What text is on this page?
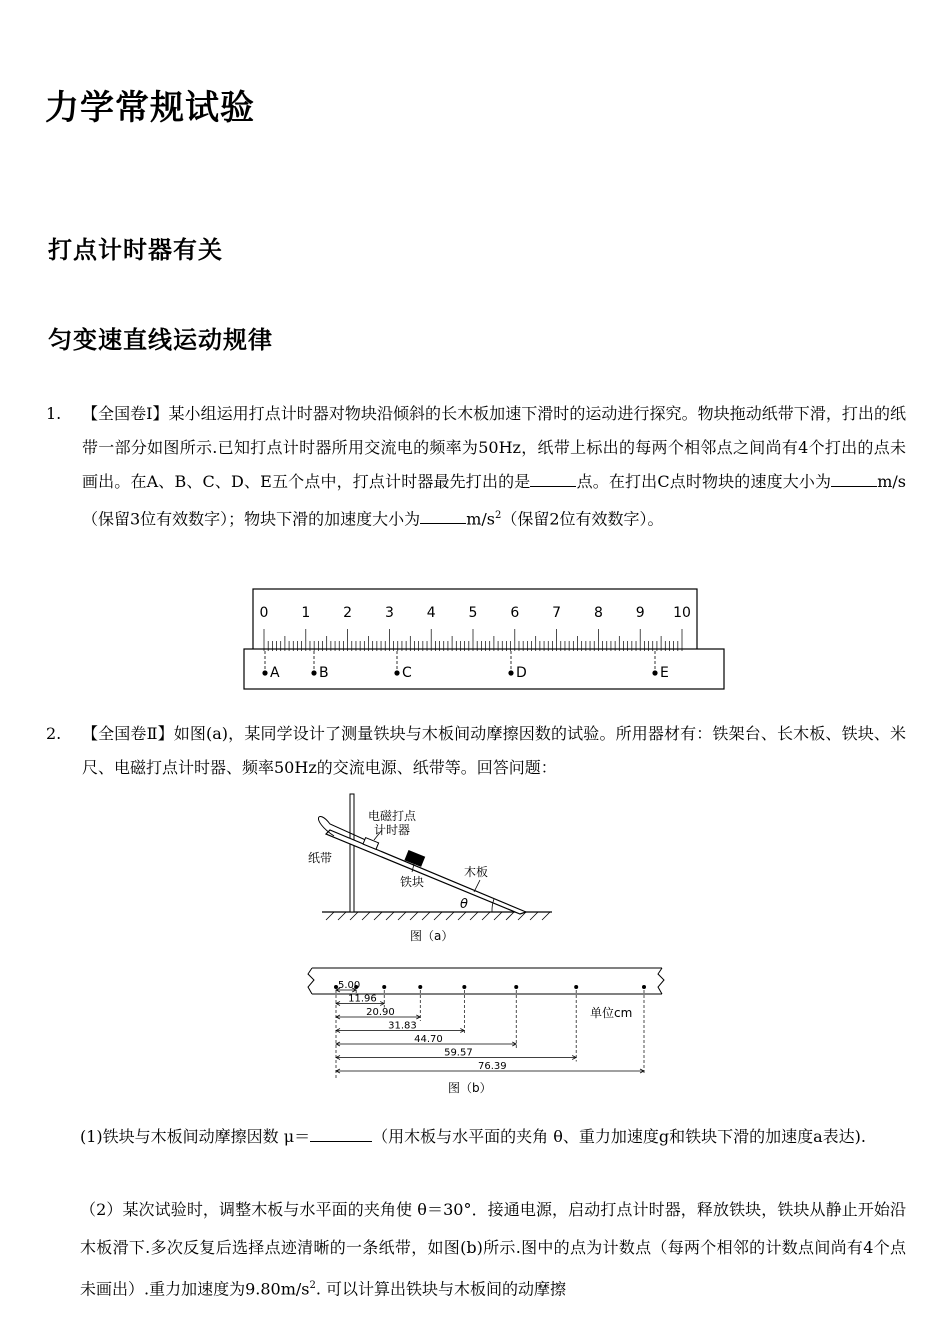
力学常规试验
打点计时器有关
匀变速直线运动规律
1. 【全国卷Ⅰ】某小组运用打点计时器对物块沿倾斜的长木板加速下滑时的运动进行探究。物块拖动纸带下滑，打出的纸带一部分如图所示.已知打点计时器所用交流电的频率为50Hz，纸带上标出的每两个相邻点之间尚有4个打出的点未画出。在A、B、C、D、E五个点中，打点计时器最先打出的是	点。在打出C点时物块的速度大小为	m/s（保留3位有效数字）；物块下滑的加速度大小为	$m/s^2$（保留2位有效数字）。
0 1 2 3 4 5 6 7 8 9 10
A	B	C	D	E
2. 【全国卷Ⅱ】如图(a)，某同学设计了测量铁块与木板间动摩擦因数的试验。所用器材有：铁架台、长木板、铁块、米尺、电磁打点计时器、频率50Hz的交流电源、纸带等。回答问题：
电磁打点
计时器
纸带
铁块
木板
θ
图（a）
5.00
11.96
20.90
31.83
44.70
59.57
76.39
单位cm
图（b）
(1)铁块与木板间动摩擦因数 μ＝	（用木板与水平面的夹角 θ、重力加速度g和铁块下滑的加速度a表达).
（2）某次试验时，调整木板与水平面的夹角使 θ＝30°．接通电源，启动打点计时器，释放铁块，铁块从静止开始沿木板滑下.多次反复后选择点迹清晰的一条纸带，如图(b)所示.图中的点为计数点（每两个相邻的计数点间尚有4个点未画出）.重力加速度为$9.80m/s^2$. 可以计算出铁块与木板间的动摩擦
